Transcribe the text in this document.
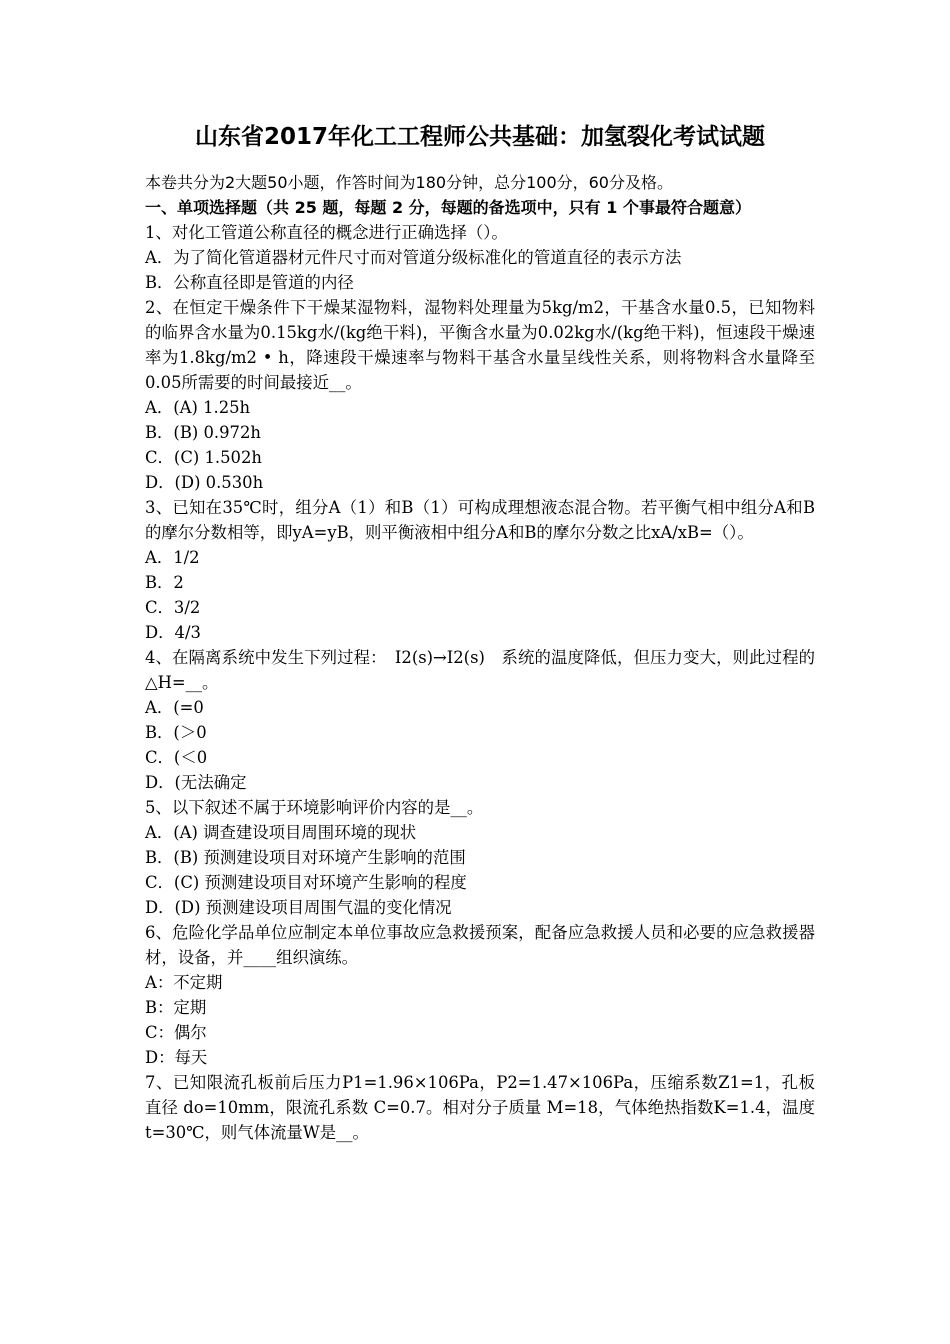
山东省2017年化工工程师公共基础：加氢裂化考试试题
本卷共分为2大题50小题，作答时间为180分钟，总分100分，60分及格。
一、单项选择题（共 25 题，每题 2 分，每题的备选项中，只有 1 个事最符合题意）
1、对化工管道公称直径的概念进行正确选择（）。
A．为了简化管道器材元件尺寸而对管道分级标准化的管道直径的表示方法
B．公称直径即是管道的内径
2、在恒定干燥条件下干燥某湿物料，湿物料处理量为5kg/m2，干基含水量0.5，已知物料的临界含水量为0.15kg水/(kg绝干料)，平衡含水量为0.02kg水/(kg绝干料)，恒速段干燥速率为1.8kg/m2 • h，降速段干燥速率与物料干基含水量呈线性关系，则将物料含水量降至0.05所需要的时间最接近__。
A．(A) 1.25h
B．(B) 0.972h
C．(C) 1.502h
D．(D) 0.530h
3、已知在35℃时，组分A（1）和B（1）可构成理想液态混合物。若平衡气相中组分A和B的摩尔分数相等，即yA=yB，则平衡液相中组分A和B的摩尔分数之比xA/xB=（）。
A．1/2
B．2
C．3/2
D．4/3
4、在隔离系统中发生下列过程：　I2(s)→I2(s)　系统的温度降低，但压力变大，则此过程的△H=__。
A．(=0
B．(＞0
C．(＜0
D．(无法确定
5、以下叙述不属于环境影响评价内容的是__。
A．(A) 调查建设项目周围环境的现状
B．(B) 预测建设项目对环境产生影响的范围
C．(C) 预测建设项目对环境产生影响的程度
D．(D) 预测建设项目周围气温的变化情况
6、危险化学品单位应制定本单位事故应急救援预案，配备应急救援人员和必要的应急救援器材，设备，并____组织演练。
A：不定期
B：定期
C：偶尔
D：每天
7、已知限流孔板前后压力P1=1.96×106Pa，P2=1.47×106Pa，压缩系数Z1=1，孔板直径 do=10mm，限流孔系数 C=0.7。相对分子质量 M=18，气体绝热指数K=1.4，温度t=30℃，则气体流量W是__。
